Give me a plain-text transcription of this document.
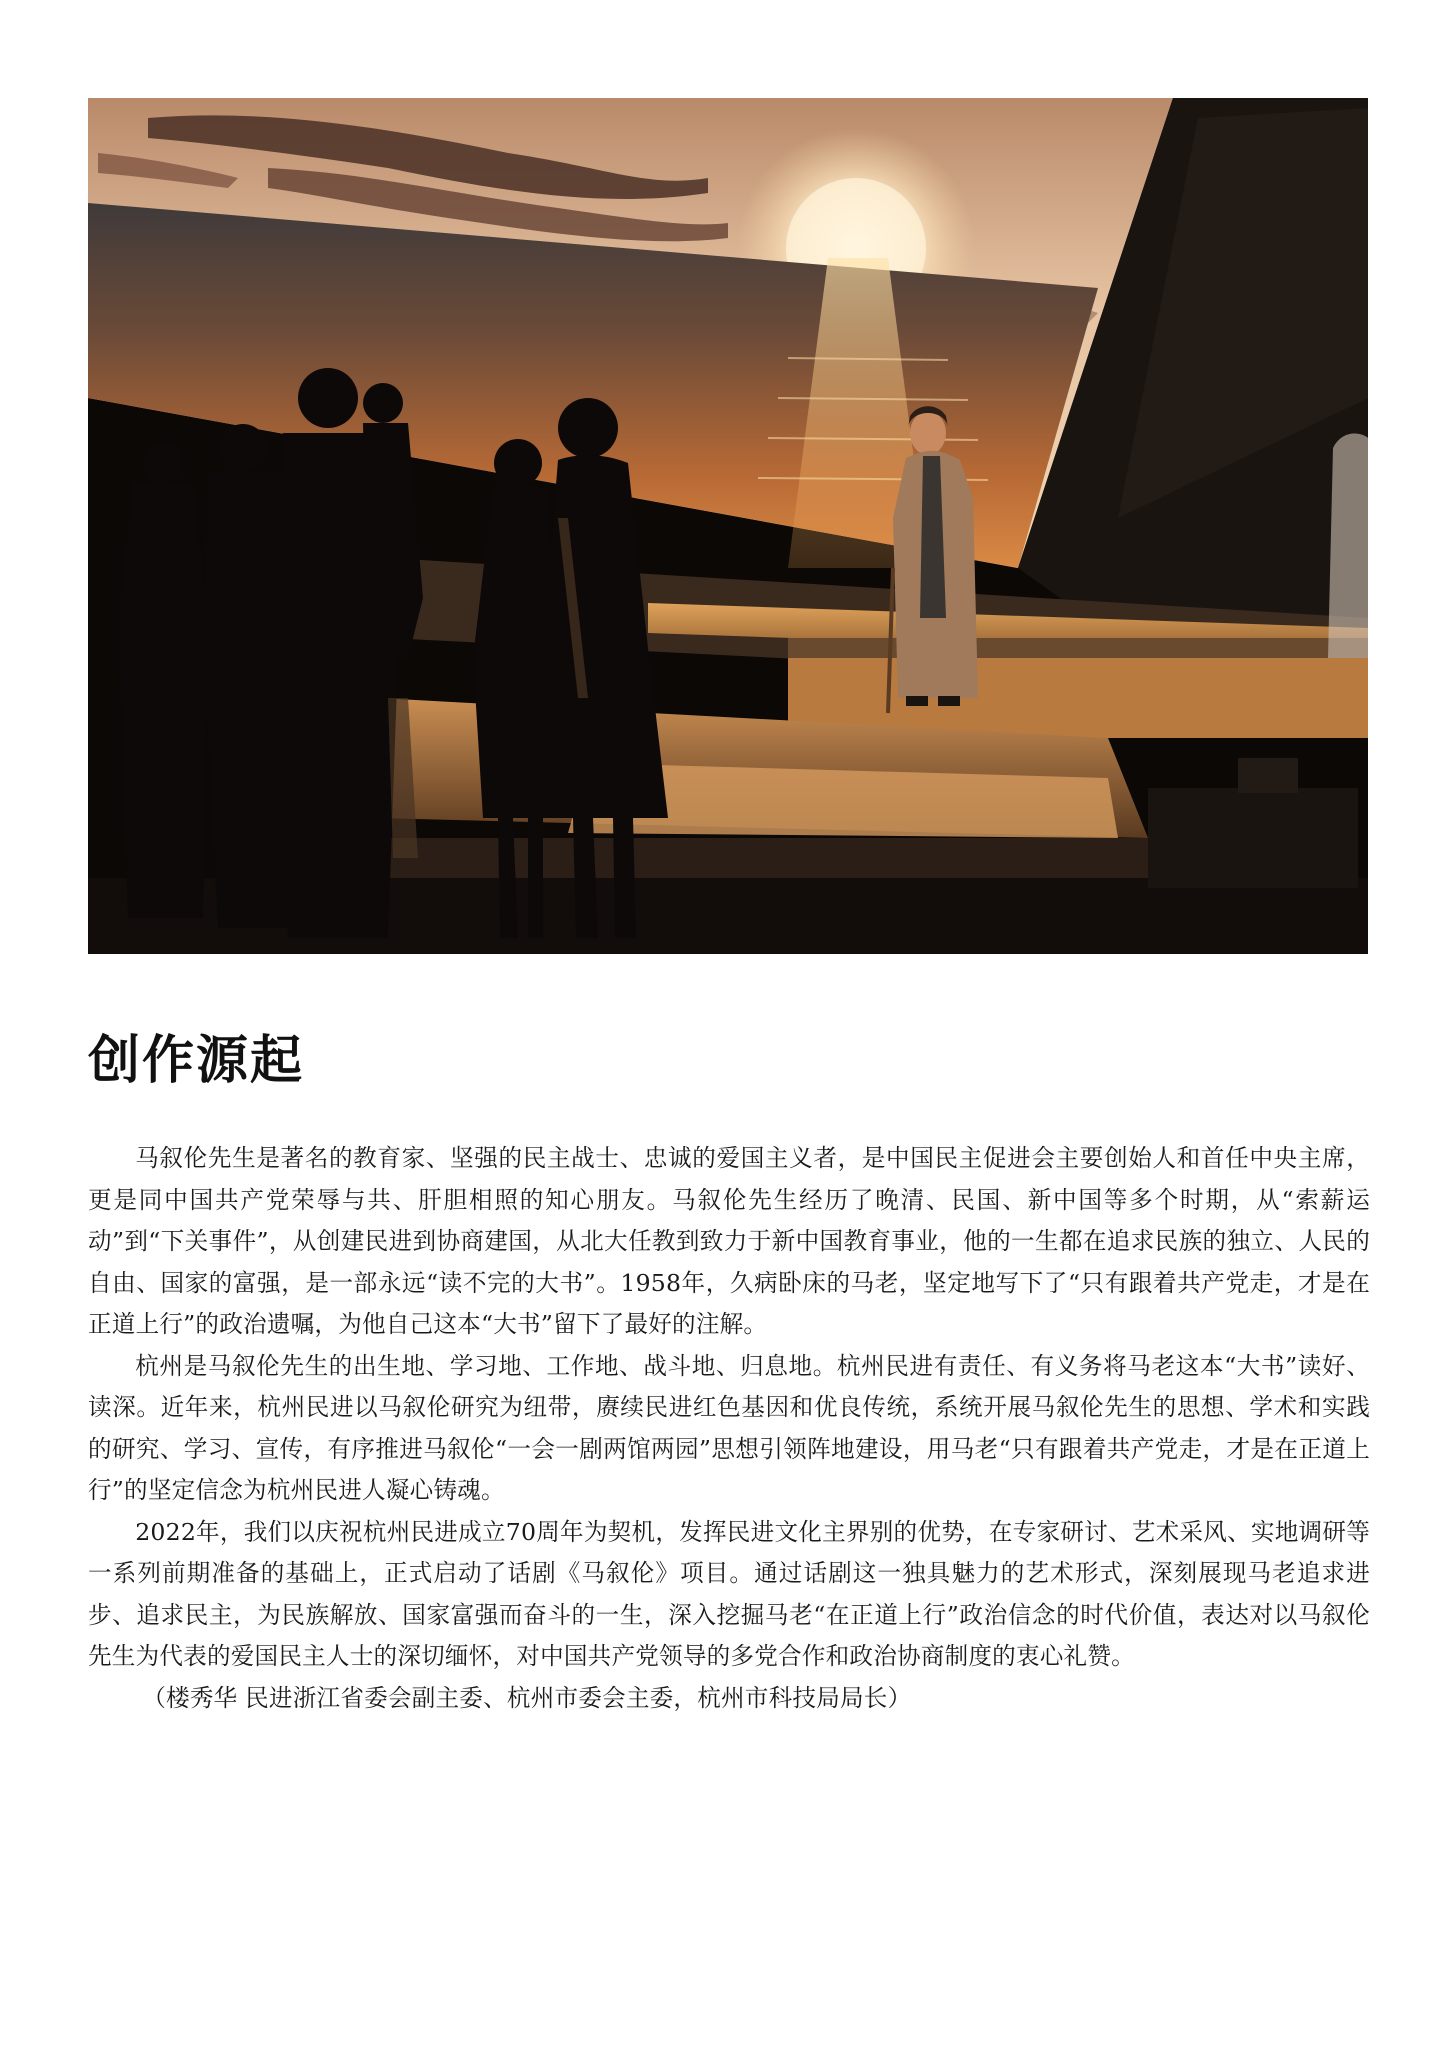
创作源起

马叙伦先生是著名的教育家、坚强的民主战士、忠诚的爱国主义者，是中国民主促进会主要创始人和首任中央主席，更是同中国共产党荣辱与共、肝胆相照的知心朋友。马叙伦先生经历了晚清、民国、新中国等多个时期，从“索薪运动”到“下关事件”，从创建民进到协商建国，从北大任教到致力于新中国教育事业，他的一生都在追求民族的独立、人民的自由、国家的富强，是一部永远“读不完的大书”。1958年，久病卧床的马老，坚定地写下了“只有跟着共产党走，才是在正道上行”的政治遗嘱，为他自己这本“大书”留下了最好的注解。

杭州是马叙伦先生的出生地、学习地、工作地、战斗地、归息地。杭州民进有责任、有义务将马老这本“大书”读好、读深。近年来，杭州民进以马叙伦研究为纽带，赓续民进红色基因和优良传统，系统开展马叙伦先生的思想、学术和实践的研究、学习、宣传，有序推进马叙伦“一会一剧两馆两园”思想引领阵地建设，用马老“只有跟着共产党走，才是在正道上行”的坚定信念为杭州民进人凝心铸魂。

2022年，我们以庆祝杭州民进成立70周年为契机，发挥民进文化主界别的优势，在专家研讨、艺术采风、实地调研等一系列前期准备的基础上，正式启动了话剧《马叙伦》项目。通过话剧这一独具魅力的艺术形式，深刻展现马老追求进步、追求民主，为民族解放、国家富强而奋斗的一生，深入挖掘马老“在正道上行”政治信念的时代价值，表达对以马叙伦先生为代表的爱国民主人士的深切缅怀，对中国共产党领导的多党合作和政治协商制度的衷心礼赞。

（楼秀华 民进浙江省委会副主委、杭州市委会主委，杭州市科技局局长）
